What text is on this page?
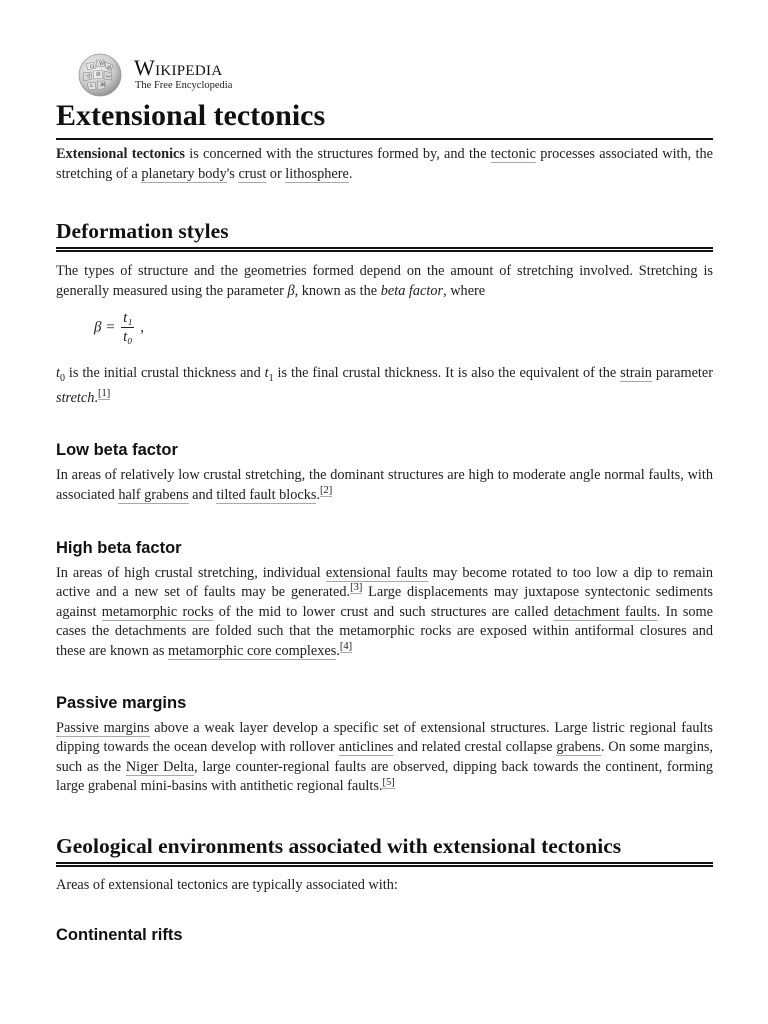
Ω W
И
ウ 維 ب
ע Ж
Wikipedia
The Free Encyclopedia
Extensional tectonics

Extensional tectonics is concerned with the structures formed by, and the tectonic processes associated with, the stretching of a planetary body's crust or lithosphere.

Deformation styles

The types of structure and the geometries formed depend on the amount of stretching involved. Stretching is generally measured using the parameter β, known as the beta factor, where

$\beta = \frac{\text{t₁}}{\text{t₀}}$ ,

$t_0$ is the initial crustal thickness and $t_1$ is the final crustal thickness. It is also the equivalent of the strain parameter stretch.[1]

Low beta factor

In areas of relatively low crustal stretching, the dominant structures are high to moderate angle normal faults, with associated half grabens and tilted fault blocks.[2]

High beta factor

In areas of high crustal stretching, individual extensional faults may become rotated to too low a dip to remain active and a new set of faults may be generated.[3] Large displacements may juxtapose syntectonic sediments against metamorphic rocks of the mid to lower crust and such structures are called detachment faults. In some cases the detachments are folded such that the metamorphic rocks are exposed within antiformal closures and these are known as metamorphic core complexes.[4]

Passive margins

Passive margins above a weak layer develop a specific set of extensional structures. Large listric regional faults dipping towards the ocean develop with rollover anticlines and related crestal collapse grabens. On some margins, such as the Niger Delta, large counter-regional faults are observed, dipping back towards the continent, forming large grabenal mini-basins with antithetic regional faults.[5]

Geological environments associated with extensional tectonics

Areas of extensional tectonics are typically associated with:

Continental rifts
